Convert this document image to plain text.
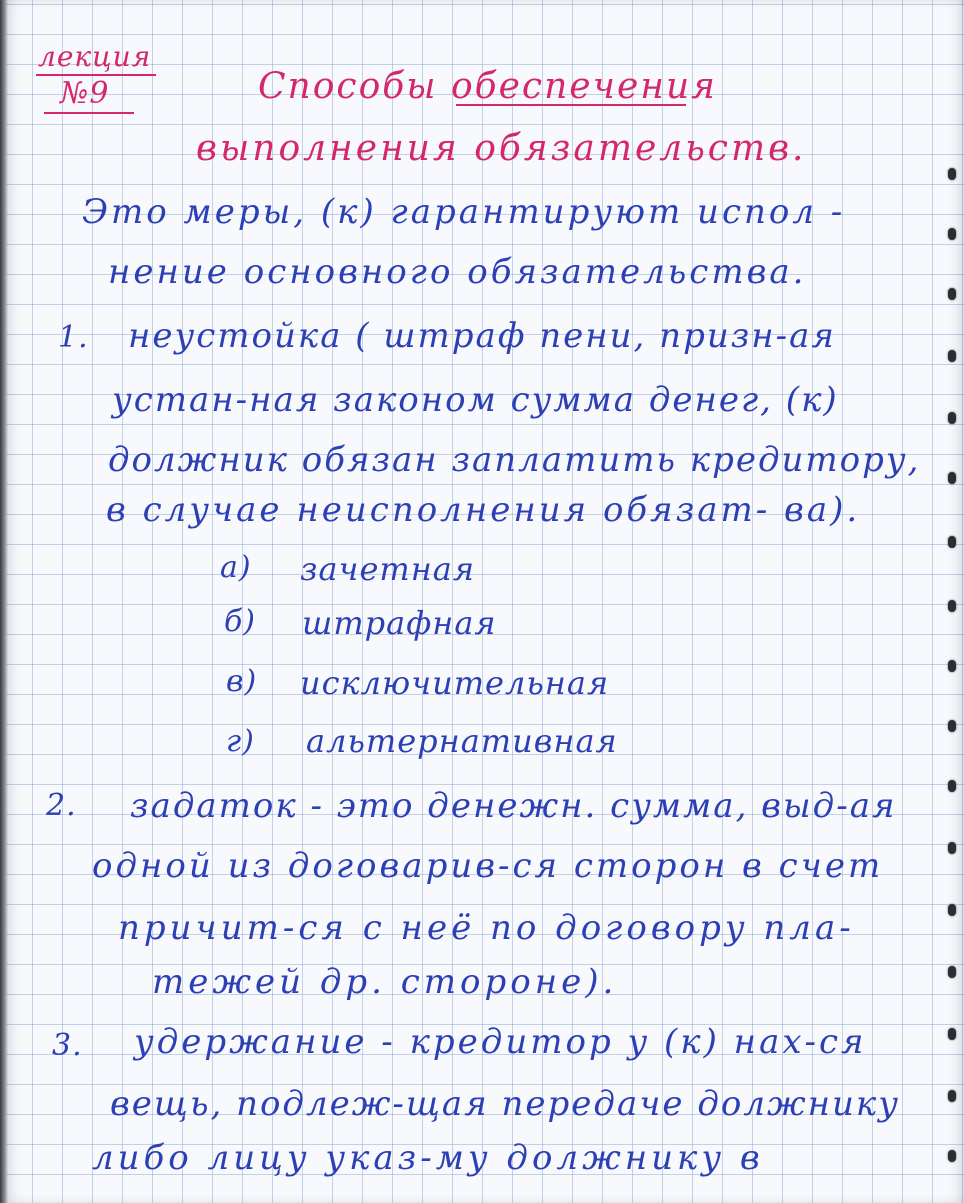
лекция

№9	Способы обеспечения

выполнения обязательств.

Это меры, (к) гарантируют испол -

нение основного обязательства.

1. неустойка ( штраф пени, призн-ая

устан-ная законом сумма денег, (к)

должник обязан заплатить кредитору,

в случае неисполнения обязат- ва).

а) зачетная

б) штрафная

в) исключительная

г) альтернативная

2. задаток - это денежн. сумма, выд-ая

одной из договарив-ся сторон в счет

причит-ся с неё по договору пла-

тежей др. стороне).

3. удержание - кредитор у (к) нах-ся

вещь, подлеж-щая передаче должнику

либо лицу указ-му должнику в
